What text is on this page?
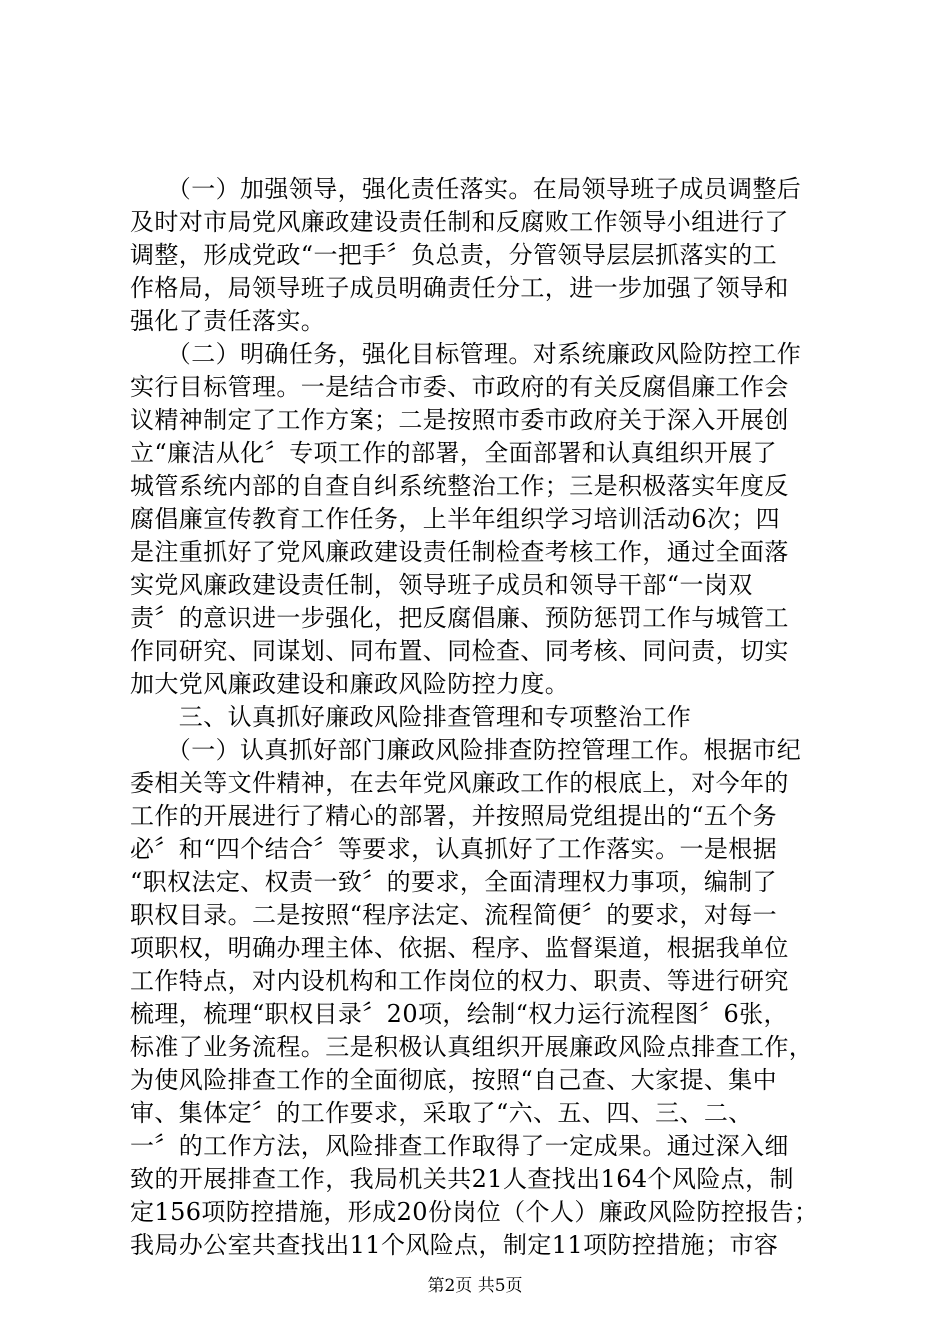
　　（一）加强领导，强化责任落实。在局领导班子成员调整后
及时对市局党风廉政建设责任制和反腐败工作领导小组进行了
调整，形成党政“一把手〞负总责，分管领导层层抓落实的工
作格局，局领导班子成员明确责任分工，进一步加强了领导和
强化了责任落实。
　　（二）明确任务，强化目标管理。对系统廉政风险防控工作
实行目标管理。一是结合市委、市政府的有关反腐倡廉工作会
议精神制定了工作方案；二是按照市委市政府关于深入开展创
立“廉洁从化〞专项工作的部署，全面部署和认真组织开展了
城管系统内部的自查自纠系统整治工作；三是积极落实年度反
腐倡廉宣传教育工作任务，上半年组织学习培训活动6次；四
是注重抓好了党风廉政建设责任制检查考核工作，通过全面落
实党风廉政建设责任制，领导班子成员和领导干部“一岗双
责〞的意识进一步强化，把反腐倡廉、预防惩罚工作与城管工
作同研究、同谋划、同布置、同检查、同考核、同问责，切实
加大党风廉政建设和廉政风险防控力度。
　　三、认真抓好廉政风险排查管理和专项整治工作
　　（一）认真抓好部门廉政风险排查防控管理工作。根据市纪
委相关等文件精神，在去年党风廉政工作的根底上，对今年的
工作的开展进行了精心的部署，并按照局党组提出的“五个务
必〞和“四个结合〞等要求，认真抓好了工作落实。一是根据
“职权法定、权责一致〞的要求，全面清理权力事项，编制了
职权目录。二是按照“程序法定、流程简便〞的要求，对每一
项职权，明确办理主体、依据、程序、监督渠道，根据我单位
工作特点，对内设机构和工作岗位的权力、职责、等进行研究
梳理，梳理“职权目录〞20项，绘制“权力运行流程图〞6张，
标准了业务流程。三是积极认真组织开展廉政风险点排查工作，
为使风险排查工作的全面彻底，按照“自己查、大家提、集中
审、集体定〞的工作要求，采取了“六、五、四、三、二、
一〞的工作方法，风险排查工作取得了一定成果。通过深入细
致的开展排查工作，我局机关共21人查找出164个风险点，制
定156项防控措施，形成20份岗位（个人）廉政风险防控报告；
我局办公室共查找出11个风险点，制定11项防控措施；市容
第2页 共5页
